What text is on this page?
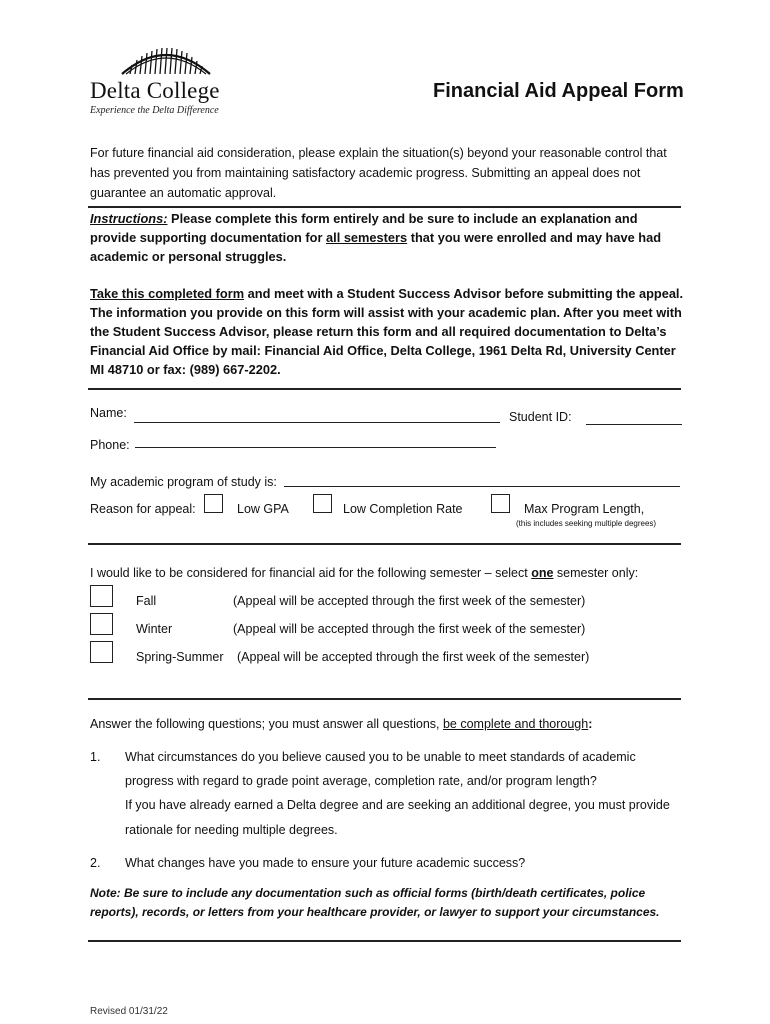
Delta College
Experience the Delta Difference
Financial Aid Appeal Form
For future financial aid consideration, please explain the situation(s) beyond your reasonable control that has prevented you from maintaining satisfactory academic progress. Submitting an appeal does not guarantee an automatic approval.

Instructions: Please complete this form entirely and be sure to include an explanation and provide supporting documentation for all semesters that you were enrolled and may have had academic or personal struggles.

Take this completed form and meet with a Student Success Advisor before submitting the appeal. The information you provide on this form will assist with your academic plan. After you meet with the Student Success Advisor, please return this form and all required documentation to Delta’s Financial Aid Office by mail: Financial Aid Office, Delta College, 1961 Delta Rd, University Center MI 48710 or fax: (989) 667-2202.

Name:	Student ID:
Phone:
My academic program of study is:
Reason for appeal:	Low GPA	Low Completion Rate	Max Program Length,
(this includes seeking multiple degrees)
I would like to be considered for financial aid for the following semester – select one semester only:
Fall	(Appeal will be accepted through the first week of the semester)
Winter	(Appeal will be accepted through the first week of the semester)
Spring-Summer (Appeal will be accepted through the first week of the semester)
Answer the following questions; you must answer all questions, be complete and thorough:
1. What circumstances do you believe caused you to be unable to meet standards of academic
progress with regard to grade point average, completion rate, and/or program length?
If you have already earned a Delta degree and are seeking an additional degree, you must provide
rationale for needing multiple degrees.
2. What changes have you made to ensure your future academic success?
Note: Be sure to include any documentation such as official forms (birth/death certificates, police reports), records, or letters from your healthcare provider, or lawyer to support your circumstances.
Revised 01/31/22
